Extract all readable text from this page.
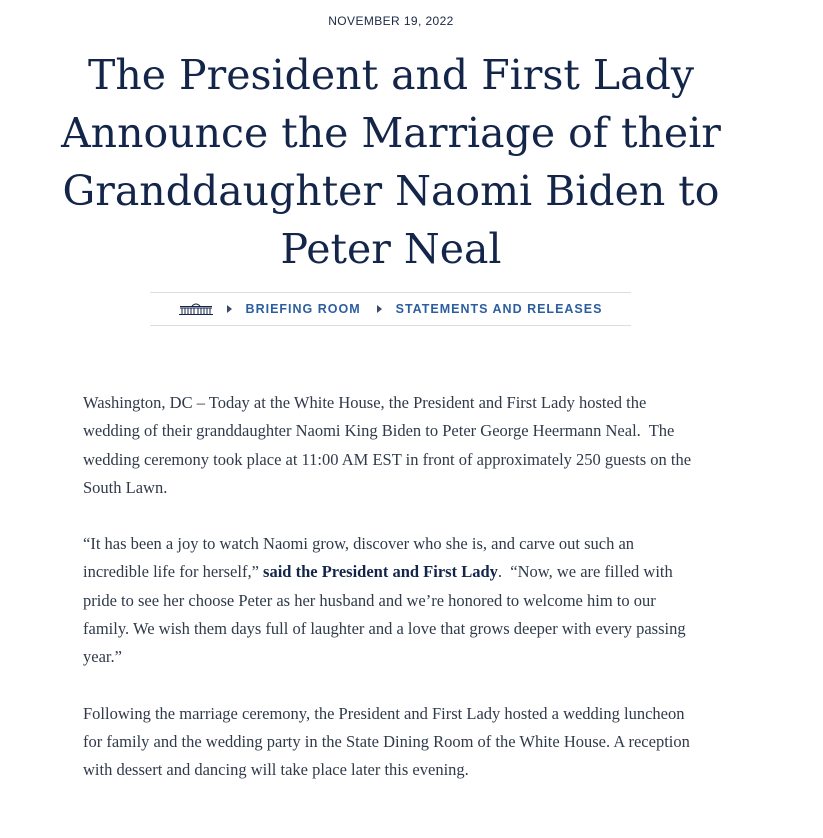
NOVEMBER 19, 2022
The President and First Lady Announce the Marriage of their Granddaughter Naomi Biden to Peter Neal
BRIEFING ROOM	STATEMENTS AND RELEASES

Washington, DC – Today at the White House, the President and First Lady hosted the wedding of their granddaughter Naomi King Biden to Peter George Heermann Neal.  The wedding ceremony took place at 11:00 AM EST in front of approximately 250 guests on the South Lawn.

“It has been a joy to watch Naomi grow, discover who she is, and carve out such an incredible life for herself,” said the President and First Lady.  “Now, we are filled with pride to see her choose Peter as her husband and we’re honored to welcome him to our family. We wish them days full of laughter and a love that grows deeper with every passing year.”

Following the marriage ceremony, the President and First Lady hosted a wedding luncheon for family and the wedding party in the State Dining Room of the White House. A reception with dessert and dancing will take place later this evening.
